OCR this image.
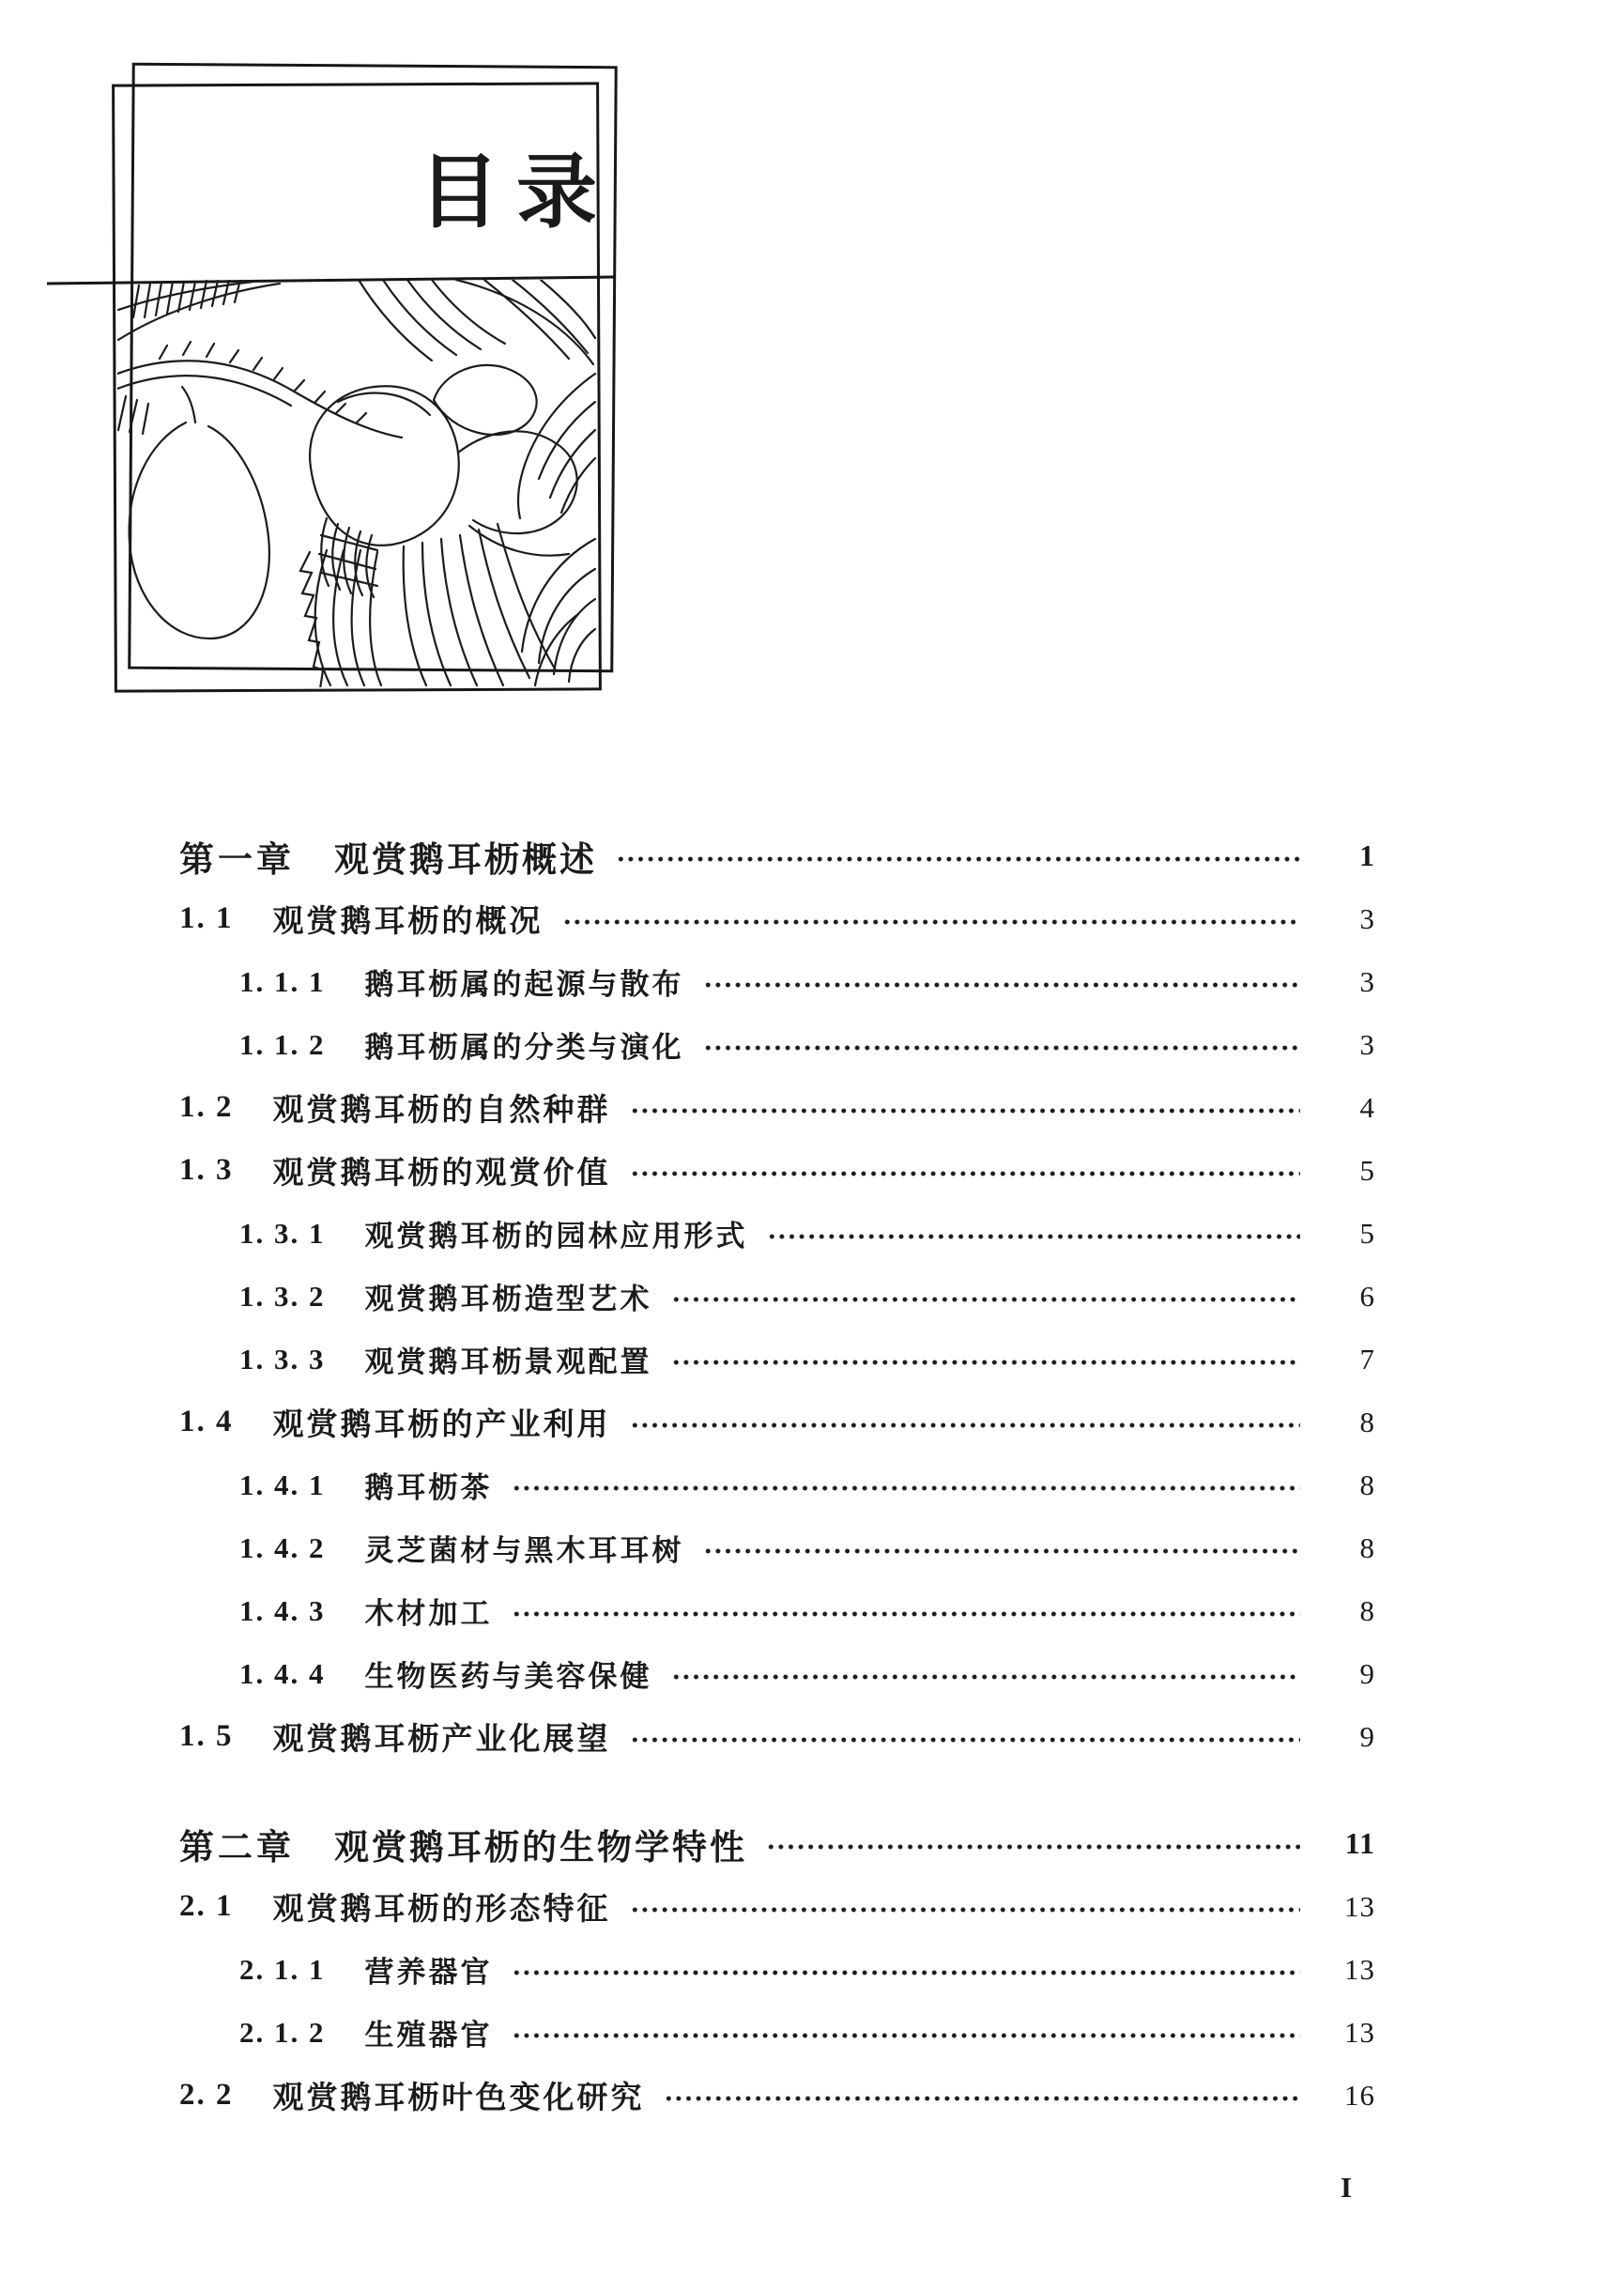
目录
第一章 观赏鹅耳枥概述	1
1. 1 观赏鹅耳枥的概况	3
1. 1. 1 鹅耳枥属的起源与散布	3
1. 1. 2 鹅耳枥属的分类与演化	3
1. 2 观赏鹅耳枥的自然种群	4
1. 3 观赏鹅耳枥的观赏价值	5
1. 3. 1 观赏鹅耳枥的园林应用形式	5
1. 3. 2 观赏鹅耳枥造型艺术	6
1. 3. 3 观赏鹅耳枥景观配置	7
1. 4 观赏鹅耳枥的产业利用	8
1. 4. 1 鹅耳枥茶	8
1. 4. 2 灵芝菌材与黑木耳耳树	8
1. 4. 3 木材加工	8
1. 4. 4 生物医药与美容保健	9
1. 5 观赏鹅耳枥产业化展望	9
第二章 观赏鹅耳枥的生物学特性	11
2. 1 观赏鹅耳枥的形态特征	13
2. 1. 1 营养器官	13
2. 1. 2 生殖器官	13
2. 2 观赏鹅耳枥叶色变化研究	16
I
